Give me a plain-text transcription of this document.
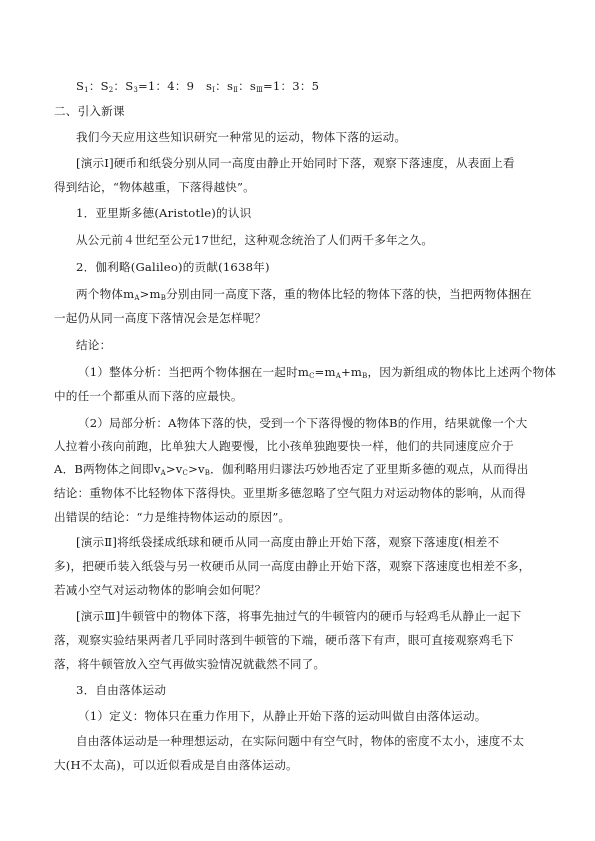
$S_1$：$S_2$：$S_3=1$：4：9　$s_Ⅰ$：$s_Ⅱ$：$s_Ⅲ=1$：3：5
二、引入新课
我们今天应用这些知识研究一种常见的运动，物体下落的运动。
[演示Ⅰ]硬币和纸袋分别从同一高度由静止开始同时下落，观察下落速度，从表面上看
得到结论，“物体越重，下落得越快”。
1．亚里斯多德(Aristotle)的认识
从公元前４世纪至公元17世纪，这种观念统治了人们两千多年之久。
2．伽利略(Galileo)的贡献(1638年)
两个物体$m_A>m_B$分别由同一高度下落，重的物体比轻的物体下落的快，当把两物体捆在
一起仍从同一高度下落情况会是怎样呢？
结论：
（1）整体分析：当把两个物体捆在一起时$m_C=m_A+m_B$，因为新组成的物体比上述两个物体
中的任一个都重从而下落的应最快。
（2）局部分析：A物体下落的快，受到一个下落得慢的物体B的作用，结果就像一个大
人拉着小孩向前跑，比单独大人跑要慢，比小孩单独跑要快一样，他们的共同速度应介于
A．B两物体之间即$v_A>v_C>v_B$．伽利略用归谬法巧妙地否定了亚里斯多德的观点，从而得出
结论：重物体不比轻物体下落得快。亚里斯多德忽略了空气阻力对运动物体的影响，从而得
出错误的结论：“力是维持物体运动的原因”。
[演示Ⅱ]将纸袋揉成纸球和硬币从同一高度由静止开始下落，观察下落速度(相差不
多)，把硬币装入纸袋与另一枚硬币从同一高度由静止开始下落，观察下落速度也相差不多，
若减小空气对运动物体的影响会如何呢？
[演示Ⅲ]牛顿管中的物体下落，将事先抽过气的牛顿管内的硬币与轻鸡毛从静止一起下
落，观察实验结果两者几乎同时落到牛顿管的下端，硬币落下有声，眼可直接观察鸡毛下
落，将牛顿管放入空气再做实验情况就截然不同了。
3．自由落体运动
（1）定义：物体只在重力作用下，从静止开始下落的运动叫做自由落体运动。
自由落体运动是一种理想运动，在实际问题中有空气时，物体的密度不太小，速度不太
大(H不太高)，可以近似看成是自由落体运动。
